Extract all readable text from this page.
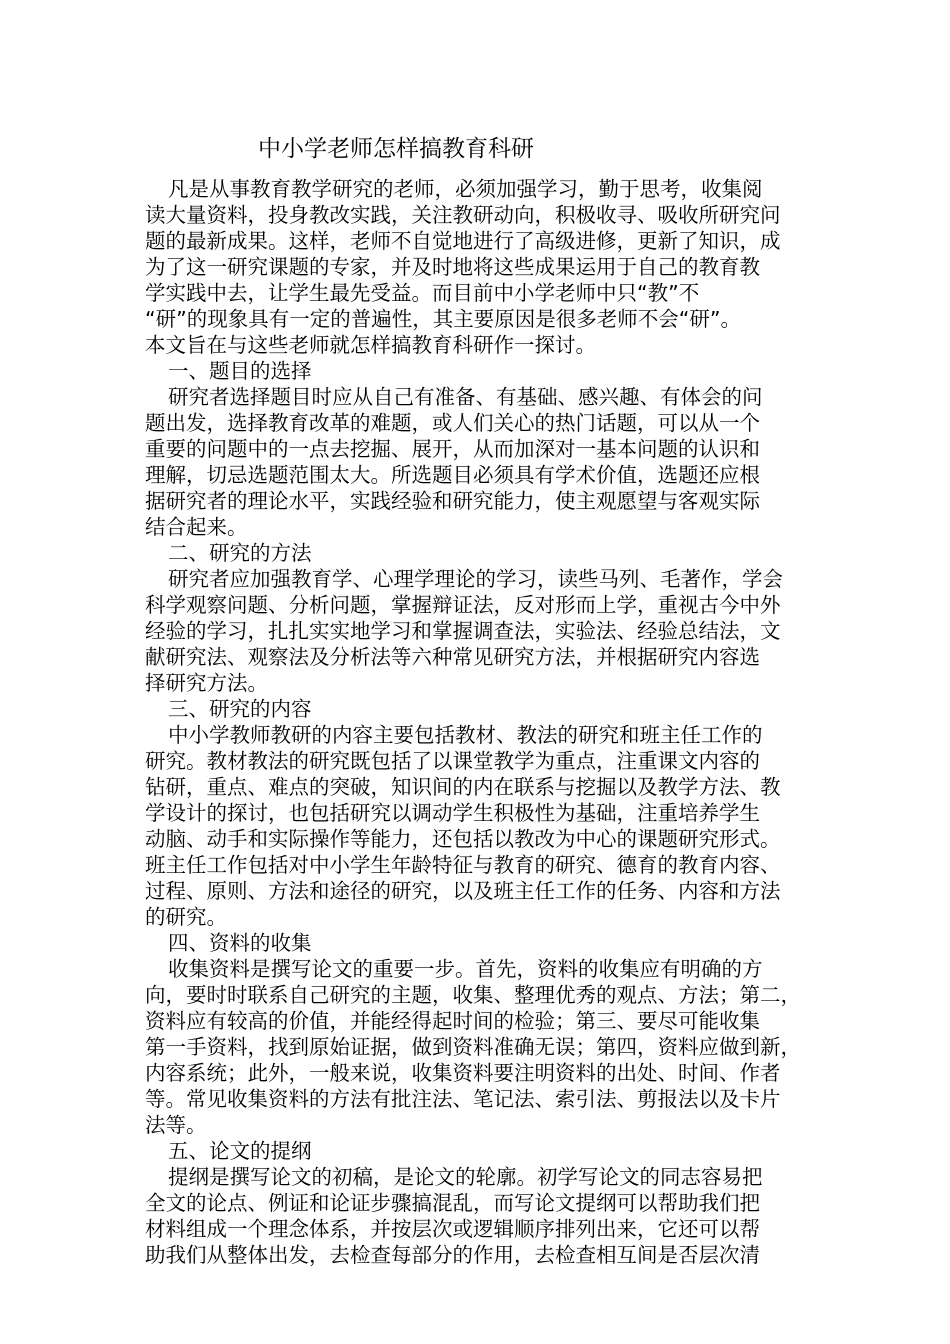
中小学老师怎样搞教育科研

凡是从事教育教学研究的老师，必须加强学习，勤于思考，收集阅

读大量资料，投身教改实践，关注教研动向，积极收寻、吸收所研究问

题的最新成果。这样，老师不自觉地进行了高级进修，更新了知识，成

为了这一研究课题的专家，并及时地将这些成果运用于自己的教育教

学实践中去，让学生最先受益。而目前中小学老师中只“教”不

“研”的现象具有一定的普遍性，其主要原因是很多老师不会“研”。

本文旨在与这些老师就怎样搞教育科研作一探讨。

一、题目的选择

研究者选择题目时应从自己有准备、有基础、感兴趣、有体会的问

题出发，选择教育改革的难题，或人们关心的热门话题，可以从一个

重要的问题中的一点去挖掘、展开，从而加深对一基本问题的认识和

理解，切忌选题范围太大。所选题目必须具有学术价值，选题还应根

据研究者的理论水平，实践经验和研究能力，使主观愿望与客观实际

结合起来。

二、研究的方法

研究者应加强教育学、心理学理论的学习，读些马列、毛著作，学会

科学观察问题、分析问题，掌握辩证法，反对形而上学，重视古今中外

经验的学习，扎扎实实地学习和掌握调查法，实验法、经验总结法，文

献研究法、观察法及分析法等六种常见研究方法，并根据研究内容选

择研究方法。

三、研究的内容

中小学教师教研的内容主要包括教材、教法的研究和班主任工作的

研究。教材教法的研究既包括了以课堂教学为重点，注重课文内容的

钻研，重点、难点的突破，知识间的内在联系与挖掘以及教学方法、教

学设计的探讨，也包括研究以调动学生积极性为基础，注重培养学生

动脑、动手和实际操作等能力，还包括以教改为中心的课题研究形式。

班主任工作包括对中小学生年龄特征与教育的研究、德育的教育内容、

过程、原则、方法和途径的研究，以及班主任工作的任务、内容和方法

的研究。

四、资料的收集

收集资料是撰写论文的重要一步。首先，资料的收集应有明确的方

向，要时时联系自己研究的主题，收集、整理优秀的观点、方法；第二，

资料应有较高的价值，并能经得起时间的检验；第三、要尽可能收集

第一手资料，找到原始证据，做到资料准确无误；第四，资料应做到新，

内容系统；此外，一般来说，收集资料要注明资料的出处、时间、作者

等。常见收集资料的方法有批注法、笔记法、索引法、剪报法以及卡片

法等。

五、论文的提纲

提纲是撰写论文的初稿，是论文的轮廓。初学写论文的同志容易把

全文的论点、例证和论证步骤搞混乱，而写论文提纲可以帮助我们把

材料组成一个理念体系，并按层次或逻辑顺序排列出来，它还可以帮

助我们从整体出发，去检查每部分的作用，去检查相互间是否层次清
